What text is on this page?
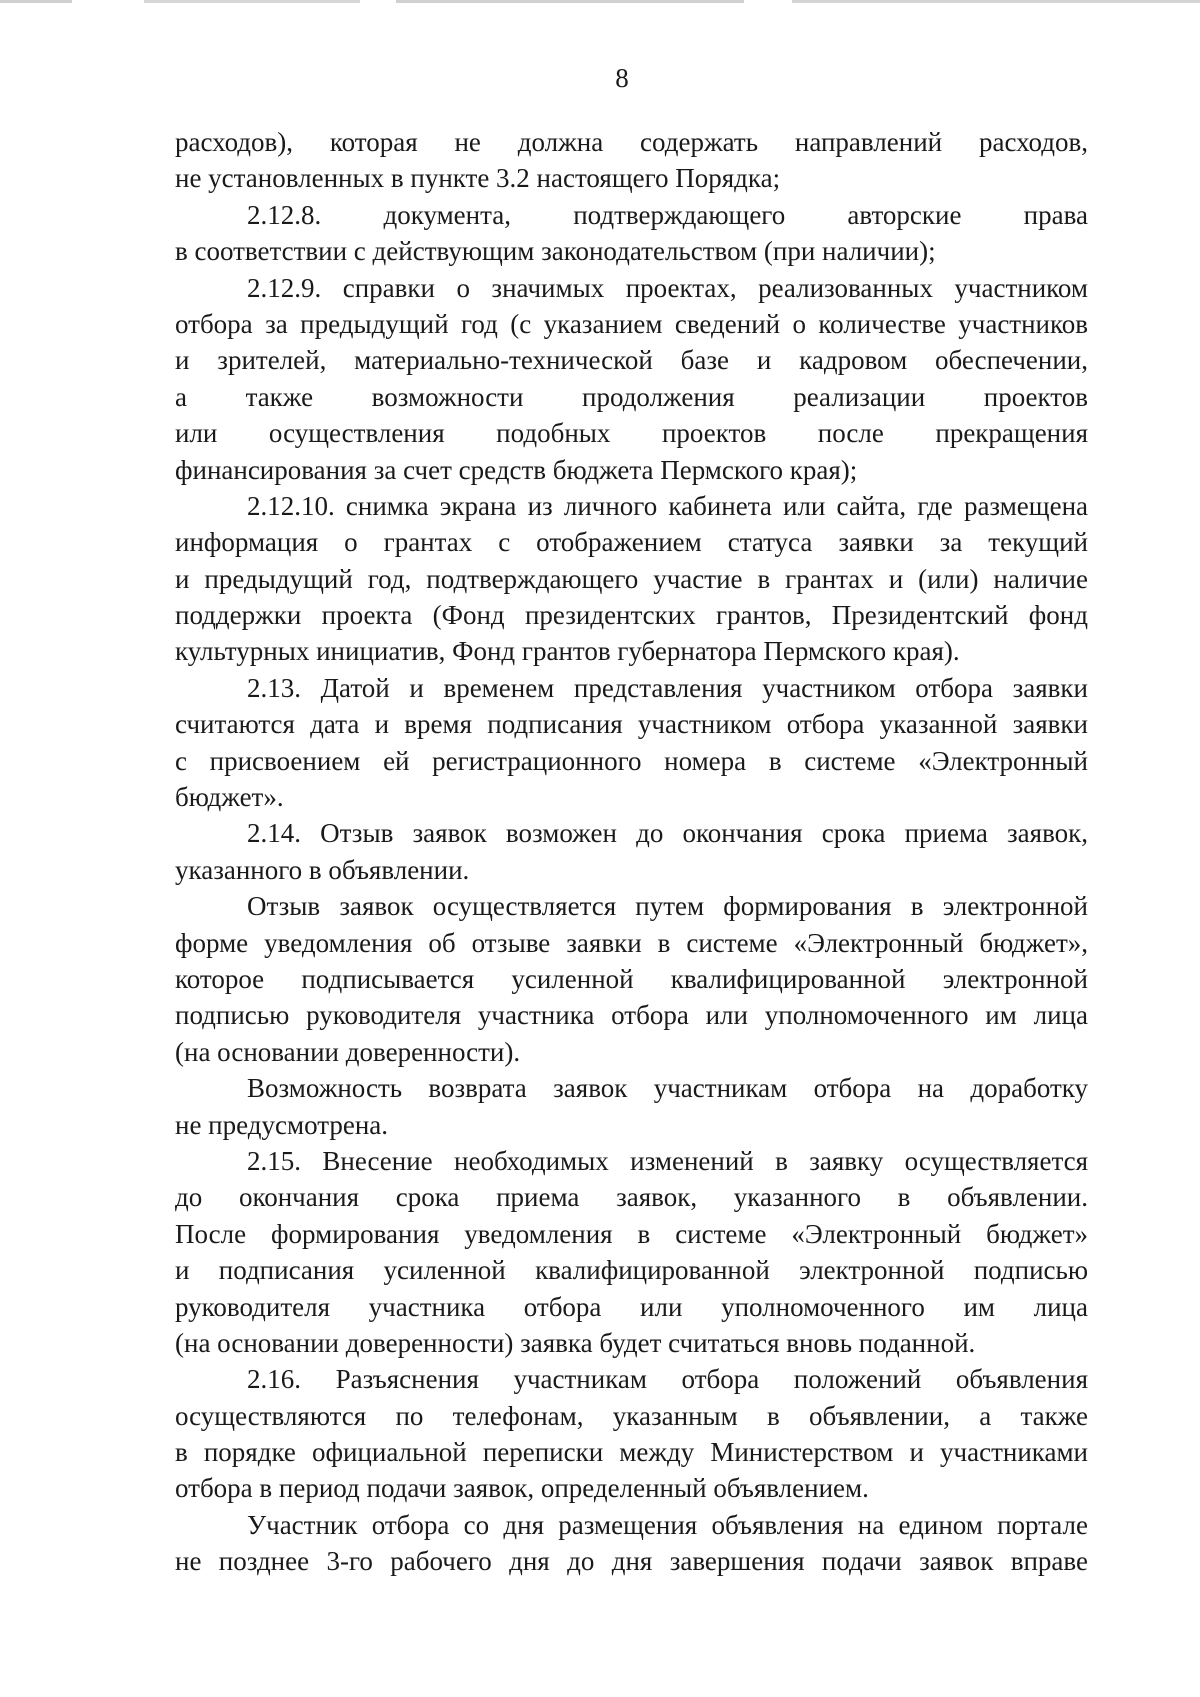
8
расходов), которая не должна содержать направлений расходов,
не установленных в пункте 3.2 настоящего Порядка;
2.12.8. документа, подтверждающего авторские права
в соответствии с действующим законодательством (при наличии);
2.12.9. справки о значимых проектах, реализованных участником
отбора за предыдущий год (с указанием сведений о количестве участников
и зрителей, материально-технической базе и кадровом обеспечении,
а также возможности продолжения реализации проектов
или осуществления подобных проектов после прекращения
финансирования за счет средств бюджета Пермского края);
2.12.10. снимка экрана из личного кабинета или сайта, где размещена
информация о грантах с отображением статуса заявки за текущий
и предыдущий год, подтверждающего участие в грантах и (или) наличие
поддержки проекта (Фонд президентских грантов, Президентский фонд
культурных инициатив, Фонд грантов губернатора Пермского края).
2.13. Датой и временем представления участником отбора заявки
считаются дата и время подписания участником отбора указанной заявки
с присвоением ей регистрационного номера в системе «Электронный
бюджет».
2.14. Отзыв заявок возможен до окончания срока приема заявок,
указанного в объявлении.
Отзыв заявок осуществляется путем формирования в электронной
форме уведомления об отзыве заявки в системе «Электронный бюджет»,
которое подписывается усиленной квалифицированной электронной
подписью руководителя участника отбора или уполномоченного им лица
(на основании доверенности).
Возможность возврата заявок участникам отбора на доработку
не предусмотрена.
2.15. Внесение необходимых изменений в заявку осуществляется
до окончания срока приема заявок, указанного в объявлении.
После формирования уведомления в системе «Электронный бюджет»
и подписания усиленной квалифицированной электронной подписью
руководителя участника отбора или уполномоченного им лица
(на основании доверенности) заявка будет считаться вновь поданной.
2.16. Разъяснения участникам отбора положений объявления
осуществляются по телефонам, указанным в объявлении, а также
в порядке официальной переписки между Министерством и участниками
отбора в период подачи заявок, определенный объявлением.
Участник отбора со дня размещения объявления на едином портале
не позднее 3-го рабочего дня до дня завершения подачи заявок вправе
